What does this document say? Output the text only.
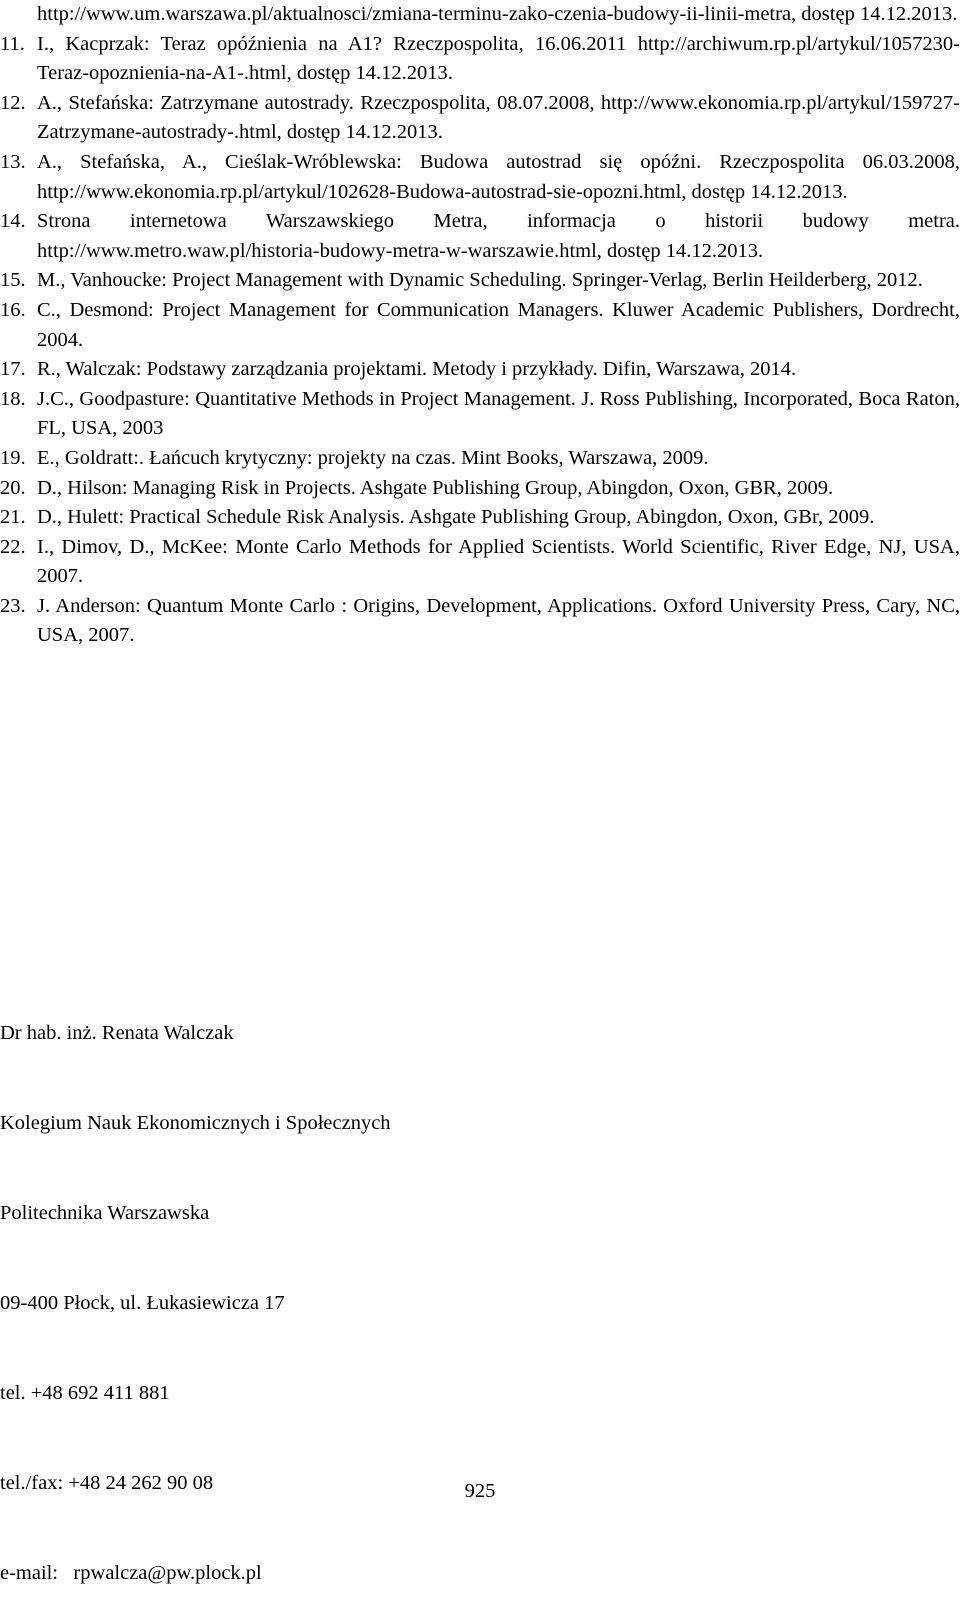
http://www.um.warszawa.pl/aktualnosci/zmiana-terminu-zako-czenia-budowy-ii-linii-metra, dostęp 14.12.2013.
11. I., Kacprzak: Teraz opóźnienia na A1? Rzeczpospolita, 16.06.2011 http://archiwum.rp.pl/artykul/1057230-Teraz-opoznienia-na-A1-.html, dostęp 14.12.2013.
12. A., Stefańska: Zatrzymane autostrady. Rzeczpospolita, 08.07.2008, http://www.ekonomia.rp.pl/artykul/159727-Zatrzymane-autostrady-.html, dostęp 14.12.2013.
13. A., Stefańska, A., Cieślak-Wróblewska: Budowa autostrad się opóźni. Rzeczpospolita 06.03.2008, http://www.ekonomia.rp.pl/artykul/102628-Budowa-autostrad-sie-opozni.html, dostęp 14.12.2013.
14. Strona internetowa Warszawskiego Metra, informacja o historii budowy metra. http://www.metro.waw.pl/historia-budowy-metra-w-warszawie.html, dostęp 14.12.2013.
15. M., Vanhoucke: Project Management with Dynamic Scheduling. Springer-Verlag, Berlin Heilderberg, 2012.
16. C., Desmond: Project Management for Communication Managers. Kluwer Academic Publishers, Dordrecht, 2004.
17. R., Walczak: Podstawy zarządzania projektami. Metody i przykłady. Difin, Warszawa, 2014.
18. J.C., Goodpasture: Quantitative Methods in Project Management. J. Ross Publishing, Incorporated, Boca Raton, FL, USA, 2003
19. E., Goldratt:. Łańcuch krytyczny: projekty na czas. Mint Books, Warszawa, 2009.
20. D., Hilson: Managing Risk in Projects. Ashgate Publishing Group, Abingdon, Oxon, GBR, 2009.
21. D., Hulett: Practical Schedule Risk Analysis. Ashgate Publishing Group, Abingdon, Oxon, GBr, 2009.
22. I., Dimov, D., McKee: Monte Carlo Methods for Applied Scientists. World Scientific, River Edge, NJ, USA, 2007.
23. J. Anderson: Quantum Monte Carlo : Origins, Development, Applications. Oxford University Press, Cary, NC, USA, 2007.

Dr hab. inż. Renata Walczak

Kolegium Nauk Ekonomicznych i Społecznych

Politechnika Warszawska

09-400 Płock, ul. Łukasiewicza 17

tel. +48 692 411 881

tel./fax: +48 24 262 90 08

e-mail:   rpwalcza@pw.plock.pl

925
